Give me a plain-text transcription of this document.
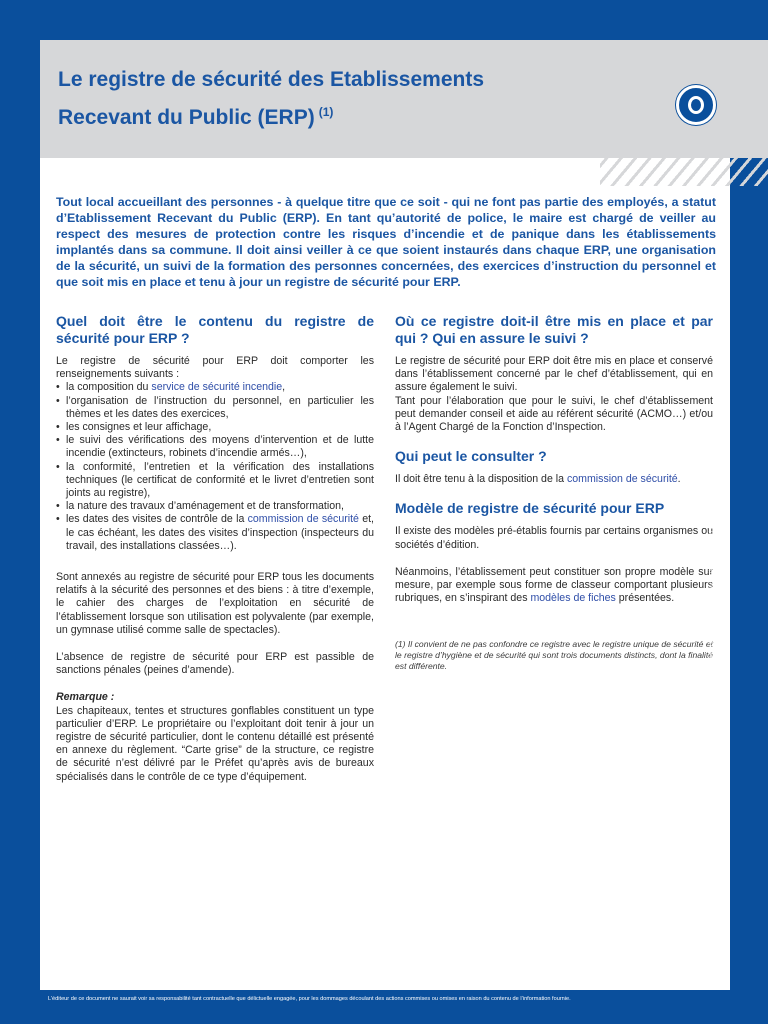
Le registre de sécurité des Etablissements
Recevant du Public (ERP) $^{(1)}$

Tout local accueillant des personnes - à quelque titre que ce soit - qui ne font pas partie des employés, a statut d’Etablissement Recevant du Public (ERP). En tant qu’autorité de police, le maire est chargé de veiller au respect des mesures de protection contre les risques d’incendie et de panique dans les établissements implantés dans sa commune. Il doit ainsi veiller à ce que soient instaurés dans chaque ERP, une organisation de la sécurité, un suivi de la formation des personnes concernées, des exercices d’instruction du personnel et que soit mis en place et tenu à jour un registre de sécurité pour ERP.

Quel doit être le contenu du registre de sécurité pour ERP ?

Le registre de sécurité pour ERP doit comporter les renseignements suivants :

• la composition du service de sécurité incendie,
• l’organisation de l’instruction du personnel, en particulier les thèmes et les dates des exercices,
• les consignes et leur affichage,
• le suivi des vérifications des moyens d’intervention et de lutte incendie (extincteurs, robinets d’incendie armés…),
• la conformité, l’entretien et la vérification des installations techniques (le certificat de conformité et le livret d’entretien sont joints au registre),
• la nature des travaux d’aménagement et de transformation,
• les dates des visites de contrôle de la commission de sécurité et, le cas échéant, les dates des visites d’inspection (inspecteurs du travail, des installations classées…).

Sont annexés au registre de sécurité pour ERP tous les documents relatifs à la sécurité des personnes et des biens : à titre d’exemple, le cahier des charges de l’exploitation en sécurité de l’établissement lorsque son utilisation est polyvalente (par exemple, un gymnase utilisé comme salle de spectacles).

L’absence de registre de sécurité pour ERP est passible de sanctions pénales (peines d’amende).

Remarque :

Les chapiteaux, tentes et structures gonflables constituent un type particulier d’ERP. Le propriétaire ou l’exploitant doit tenir à jour un registre de sécurité particulier, dont le contenu détaillé est présenté en annexe du règlement. “Carte grise” de la structure, ce registre de sécurité n’est délivré par le Préfet qu’après avis de bureaux spécialisés dans le contrôle de ce type d’équipement.

Où ce registre doit-il être mis en place et par qui ? Qui en assure le suivi ?

Le registre de sécurité pour ERP doit être mis en place et conservé dans l’établissement concerné par le chef d’établissement, qui en assure également le suivi.

Tant pour l’élaboration que pour le suivi, le chef d’établissement peut demander conseil et aide au référent sécurité (ACMO…) et/ou à l’Agent Chargé de la Fonction d’Inspection.

Qui peut le consulter ?

Il doit être tenu à la disposition de la commission de sécurité.

Modèle de registre de sécurité pour ERP

Il existe des modèles pré-établis fournis par certains organismes ou sociétés d’édition.

Néanmoins, l’établissement peut constituer son propre modèle sur mesure, par exemple sous forme de classeur comportant plusieurs rubriques, en s’inspirant des modèles de fiches présentées.

(1) Il convient de ne pas confondre ce registre avec le registre unique de sécurité et le registre d’hygiène et de sécurité qui sont trois documents distincts, dont la finalité est différente.

PC 3305-W1 – Juillet 2004 – Droits SofCap – Tous droits réservés – 2004 SMC au capital de 37 500 euros – RCS Bourges B 335 171 006 – Garantie financière et assurance responsabilité civile professionnelle conformes aux articles L.530-1 et L.530-2 du Code des Assurances
1
L’éditeur de ce document ne saurait voir sa responsabilité tant contractuelle que délictuelle engagée, pour les dommages découlant des actions commises ou omises en raison du contenu de l’information fournie.
